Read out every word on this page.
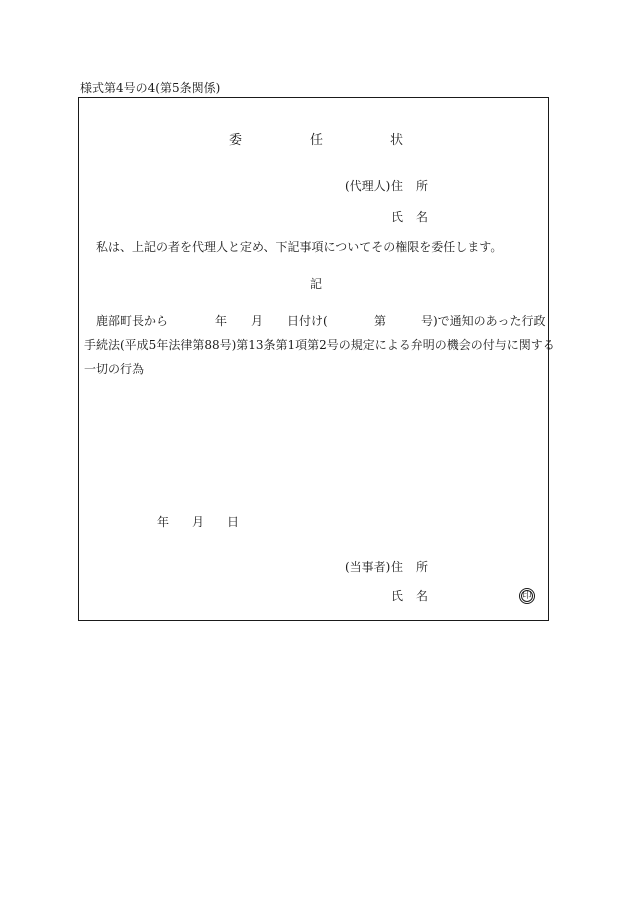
様式第4号の4(第5条関係)
委	任	状
(代理人) 住 所
氏 名
私は、上記の者を代理人と定め、下記事項についてその権限を委任します。
記
鹿部町長から	年 月 日付け(	第	号)で通知のあった行政
手続法(平成5年法律第88号)第13条第1項第2号の規定による弁明の機会の付与に関する
一切の行為
年 月 日
(当事者) 住 所
氏 名	印
